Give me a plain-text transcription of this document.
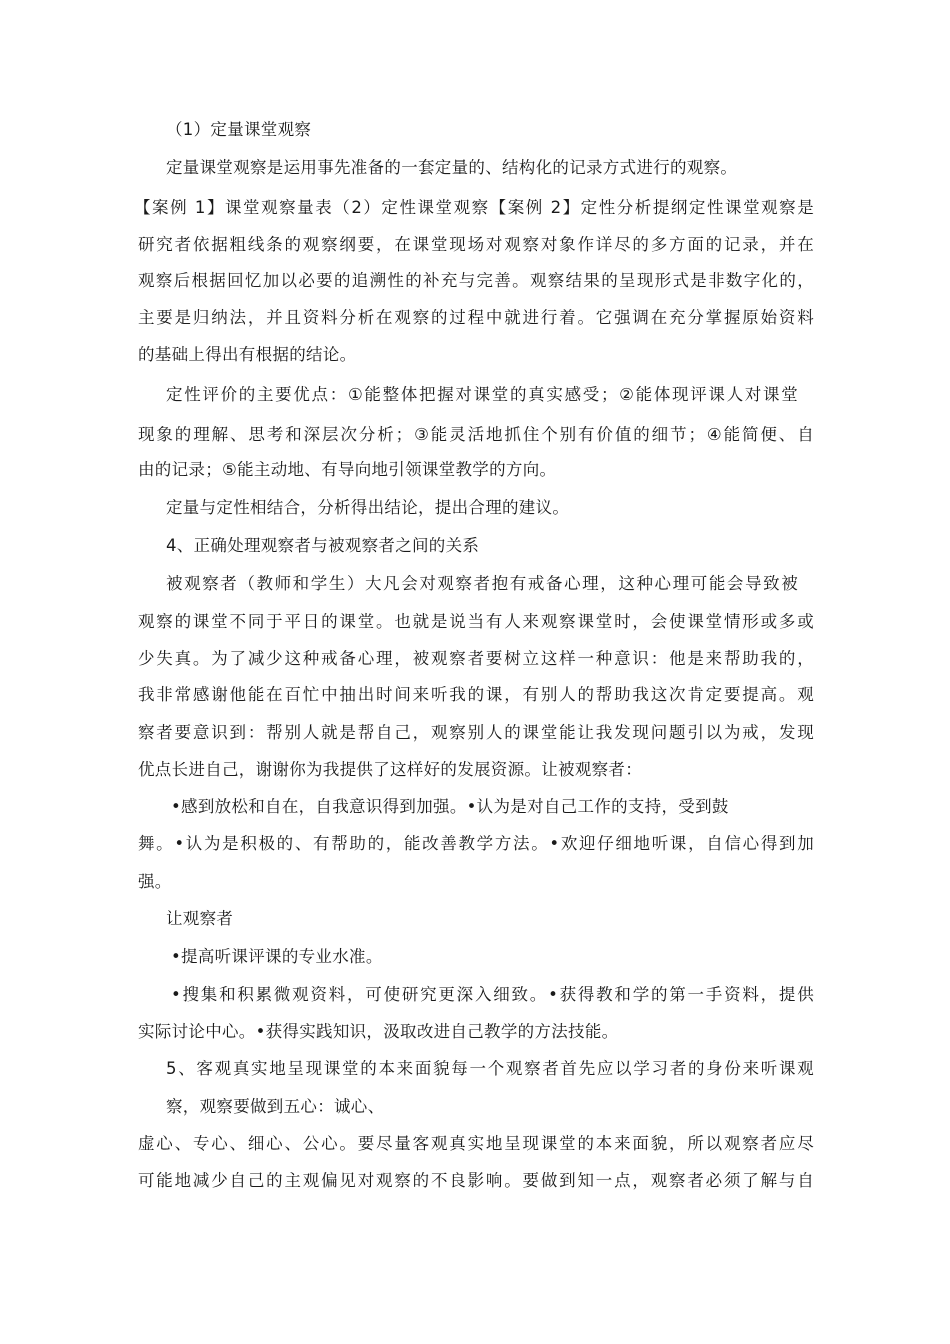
（1）定量课堂观察
定量课堂观察是运用事先准备的一套定量的、结构化的记录方式进行的观察。
【案例 1】课堂观察量表（2）定性课堂观察【案例 2】定性分析提纲定性课堂观察是
研究者依据粗线条的观察纲要，在课堂现场对观察对象作详尽的多方面的记录，并在
观察后根据回忆加以必要的追溯性的补充与完善。观察结果的呈现形式是非数字化的，
主要是归纳法，并且资料分析在观察的过程中就进行着。它强调在充分掌握原始资料
的基础上得出有根据的结论。
定性评价的主要优点：①能整体把握对课堂的真实感受；②能体现评课人对课堂
现象的理解、思考和深层次分析；③能灵活地抓住个别有价值的细节；④能简便、自
由的记录；⑤能主动地、有导向地引领课堂教学的方向。
定量与定性相结合，分析得出结论，提出合理的建议。
4、正确处理观察者与被观察者之间的关系
被观察者（教师和学生）大凡会对观察者抱有戒备心理，这种心理可能会导致被
观察的课堂不同于平日的课堂。也就是说当有人来观察课堂时，会使课堂情形或多或
少失真。为了减少这种戒备心理，被观察者要树立这样一种意识：他是来帮助我的，
我非常感谢他能在百忙中抽出时间来听我的课，有别人的帮助我这次肯定要提高。观
察者要意识到：帮别人就是帮自己，观察别人的课堂能让我发现问题引以为戒，发现
优点长进自己，谢谢你为我提供了这样好的发展资源。让被观察者：
•感到放松和自在，自我意识得到加强。•认为是对自己工作的支持，受到鼓
舞。•认为是积极的、有帮助的，能改善教学方法。•欢迎仔细地听课，自信心得到加
强。
让观察者
•提高听课评课的专业水准。
•搜集和积累微观资料，可使研究更深入细致。•获得教和学的第一手资料，提供
实际讨论中心。•获得实践知识，汲取改进自己教学的方法技能。
5、客观真实地呈现课堂的本来面貌每一个观察者首先应以学习者的身份来听课观
察，观察要做到五心：诚心、
虚心、专心、细心、公心。要尽量客观真实地呈现课堂的本来面貌，所以观察者应尽
可能地减少自己的主观偏见对观察的不良影响。要做到知一点，观察者必须了解与自
